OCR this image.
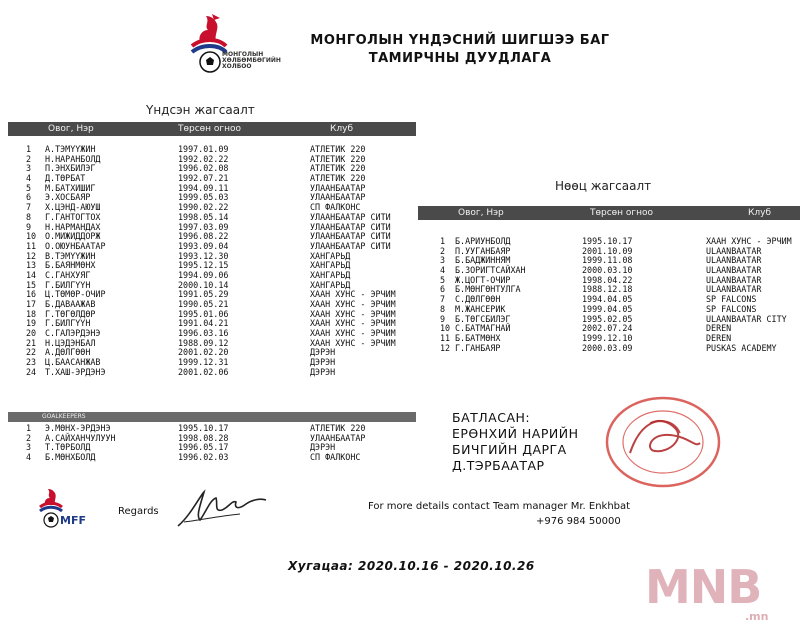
МОНГОЛЫН
ХӨЛБӨМБӨГИЙН
ХОЛБОО
МОНГОЛЫН ҮНДЭСНИЙ ШИГШЭЭ БАГ
ТАМИРЧНЫ ДУУДЛАГА
Үндсэн жагсаалт
Овог, Нэр	Төрсөн огноо	Клуб
1 А.ТЭМҮҮЖИН	1997.01.09	АТЛЕТИК 220
2 Н.НАРАНБОЛД	1992.02.22	АТЛЕТИК 220
3 П.ЭНХБИЛЭГ	1996.02.08	АТЛЕТИК 220
4 Д.ТӨРБАТ	1992.07.21	АТЛЕТИК 220
5 М.БАТХИШИГ	1994.09.11	УЛААНБААТАР
6 Э.ХОСБАЯР	1999.05.03	УЛААНБААТАР
7 Х.ЦЭНД-АЮУШ	1990.02.22	СП ФАЛКОНС
8 Г.ГАНТОГТОХ	1998.05.14	УЛААНБААТАР СИТИ
9 Н.НАРМАНДАХ	1997.03.09	УЛААНБААТАР СИТИ
10 О.МИЖИДДОРЖ	1996.08.22	УЛААНБААТАР СИТИ
11 О.ОЮУНБААТАР	1993.09.04	УЛААНБААТАР СИТИ
12 В.ТЭМҮҮЖИН	1993.12.30	ХАНГАРЬД
13 Б.БАЯНМӨНХ	1995.12.15	ХАНГАРЬД
14 С.ГАНХУЯГ	1994.09.06	ХАНГАРЬД
15 Г.БИЛГҮҮН	2000.10.14	ХАНГАРЬД
16 Ц.ТӨМӨР-ОЧИР	1991.05.29	ХААН ХУНС - ЭРЧИМ
17 Б.ДАВААЖАВ	1990.05.21	ХААН ХУНС - ЭРЧИМ
18 Г.ТӨГӨЛДӨР	1995.01.06	ХААН ХУНС - ЭРЧИМ
19 Г.БИЛГҮҮН	1991.04.21	ХААН ХУНС - ЭРЧИМ
20 С.ГАЛЭРДЭНЭ	1996.03.16	ХААН ХУНС - ЭРЧИМ
21 Н.ЦЭДЭНБАЛ	1988.09.12	ХААН ХУНС - ЭРЧИМ
22 А.ДӨЛГӨӨН	2001.02.20	ДЭРЭН
23 Ц.БААСАНЖАВ	1999.12.31	ДЭРЭН
24 Т.ХАШ-ЭРДЭНЭ	2001.02.06	ДЭРЭН
GOALKEEPERS
1 Э.МӨНХ-ЭРДЭНЭ	1995.10.17	АТЛЕТИК 220
2 А.САЙХАНЧУЛУУН	1998.08.28	УЛААНБААТАР
3 Т.ТӨРБОЛД	1996.05.17	ДЭРЭН
4 Б.МӨНХБОЛД	1996.02.03	СП ФАЛКОНС
Нөөц жагсаалт
Овог, Нэр	Төрсөн огноо	Клуб
1 Б.АРИУНБОЛД	1995.10.17	ХААН ХУНС - ЭРЧИМ
2 П.УУГАНБАЯР	2001.10.09	ULAANBAATAR
3 Б.БАДЖИННЯМ	1999.11.08	ULAANBAATAR
4 Б.ЗОРИГТСАЙХАН	2000.03.10	ULAANBAATAR
5 Ж.ЦОГТ-ОЧИР	1998.04.22	ULAANBAATAR
6 Б.МӨНГӨНТУЛГА	1988.12.18	ULAANBAATAR
7 С.ДӨЛГӨӨН	1994.04.05	SP FALCONS
8 М.ЖАНСЕРИК	1999.04.05	SP FALCONS
9 Б.ТӨГСБИЛЭГ	1995.02.05	ULAANBAATAR CITY
10 С.БАТМАГНАЙ	2002.07.24	DEREN
11 Б.БАТМӨНХ	1999.12.10	DEREN
12 Г.ГАНБАЯР	2000.03.09	PUSKAS ACADEMY
БАТЛАСАН:
ЕРӨНХИЙ НАРИЙН
БИЧГИЙН ДАРГА
Д.ТЭРБААТАР
MFF
Regards	For more details contact Team manager Mr. Enkhbat
+976 984 50000
Хугацаа: 2020.10.16 - 2020.10.26 MNB
.mn
